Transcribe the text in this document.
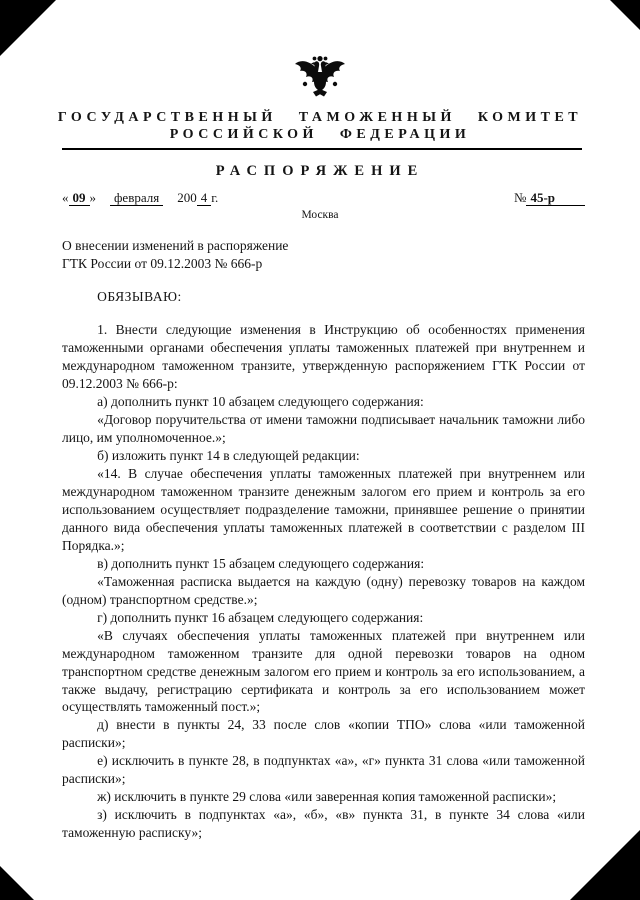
ГОСУДАРСТВЕННЫЙ ТАМОЖЕННЫЙ КОМИТЕТ
РОССИЙСКОЙ ФЕДЕРАЦИИ
РАСПОРЯЖЕНИЕ
« 09 » февраля 200 4 г.	№ 45-р
Москва
О внесении изменений в распоряжение
ГТК России от 09.12.2003 № 666-р
ОБЯЗЫВАЮ:

1. Внести следующие изменения в Инструкцию об особенностях применения таможенными органами обеспечения уплаты таможенных платежей при внутреннем и международном таможенном транзите, утвержденную распоряжением ГТК России от 09.12.2003 № 666-р:

а) дополнить пункт 10 абзацем следующего содержания:

«Договор поручительства от имени таможни подписывает начальник таможни либо лицо, им уполномоченное.»;

б) изложить пункт 14 в следующей редакции:

«14. В случае обеспечения уплаты таможенных платежей при внутреннем или международном таможенном транзите денежным залогом его прием и контроль за его использованием осуществляет подразделение таможни, принявшее решение о принятии данного вида обеспечения уплаты таможенных платежей в соответствии с разделом III Порядка.»;

в) дополнить пункт 15 абзацем следующего содержания:

«Таможенная расписка выдается на каждую (одну) перевозку товаров на каждом (одном) транспортном средстве.»;

г) дополнить пункт 16 абзацем следующего содержания:

«В случаях обеспечения уплаты таможенных платежей при внутреннем или международном таможенном транзите для одной перевозки товаров на одном транспортном средстве денежным залогом его прием и контроль за его использованием, а также выдачу, регистрацию сертификата и контроль за его использованием может осуществлять таможенный пост.»;

д) внести в пункты 24, 33 после слов «копии ТПО» слова «или таможенной расписки»;

е) исключить в пункте 28, в подпунктах «а», «г» пункта 31 слова «или таможенной расписки»;

ж) исключить в пункте 29 слова «или заверенная копия таможенной расписки»;

з) исключить в подпунктах «а», «б», «в» пункта 31, в пункте 34 слова «или таможенную расписку»;
